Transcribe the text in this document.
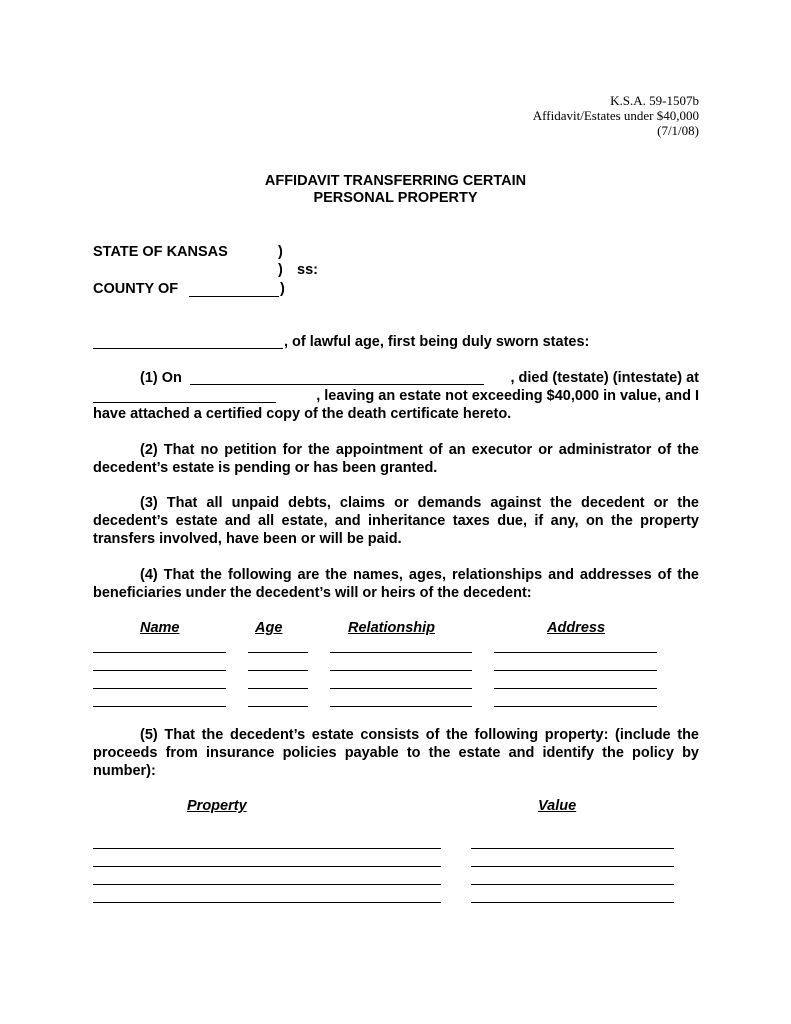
K.S.A. 59-1507b
Affidavit/Estates under $40,000
(7/1/08)
AFFIDAVIT TRANSFERRING CERTAIN
PERSONAL PROPERTY
STATE OF KANSAS	)
) ss:
COUNTY OF	)
, of lawful age, first being duly sworn states:
(1) On	, died (testate) (intestate) at
, leaving an estate not exceeding $40,000 in value, and I
have attached a certified copy of the death certificate hereto.
(2) That no petition for the appointment of an executor or administrator of the decedent’s estate is pending or has been granted.
(3) That all unpaid debts, claims or demands against the decedent or the decedent’s estate and all estate, and inheritance taxes due, if any, on the property transfers involved, have been or will be paid.
(4) That the following are the names, ages, relationships and addresses of the beneficiaries under the decedent’s will or heirs of the decedent:
Name	Age	Relationship	Address
(5) That the decedent’s estate consists of the following property: (include the proceeds from insurance policies payable to the estate and identify the policy by number):
Property	Value
